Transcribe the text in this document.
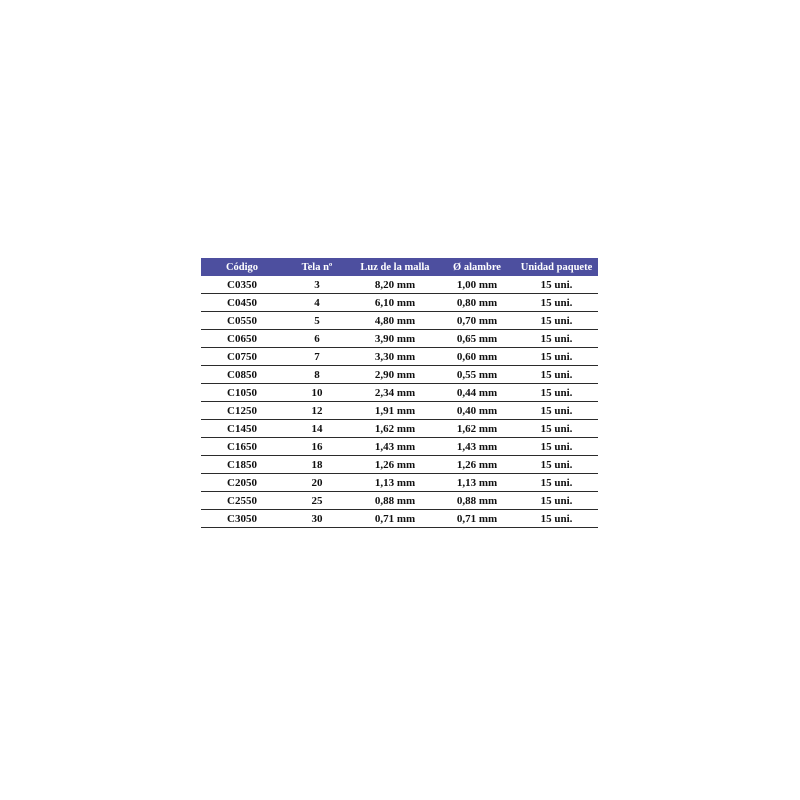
Código	Tela nº	Luz de la malla	Ø alambre	Unidad paquete
C0350	3	8,20 mm	1,00 mm	15 uni.
C0450	4	6,10 mm	0,80 mm	15 uni.
C0550	5	4,80 mm	0,70 mm	15 uni.
C0650	6	3,90 mm	0,65 mm	15 uni.
C0750	7	3,30 mm	0,60 mm	15 uni.
C0850	8	2,90 mm	0,55 mm	15 uni.
C1050	10	2,34 mm	0,44 mm	15 uni.
C1250	12	1,91 mm	0,40 mm	15 uni.
C1450	14	1,62 mm	1,62 mm	15 uni.
C1650	16	1,43 mm	1,43 mm	15 uni.
C1850	18	1,26 mm	1,26 mm	15 uni.
C2050	20	1,13 mm	1,13 mm	15 uni.
C2550	25	0,88 mm	0,88 mm	15 uni.
C3050	30	0,71 mm	0,71 mm	15 uni.
